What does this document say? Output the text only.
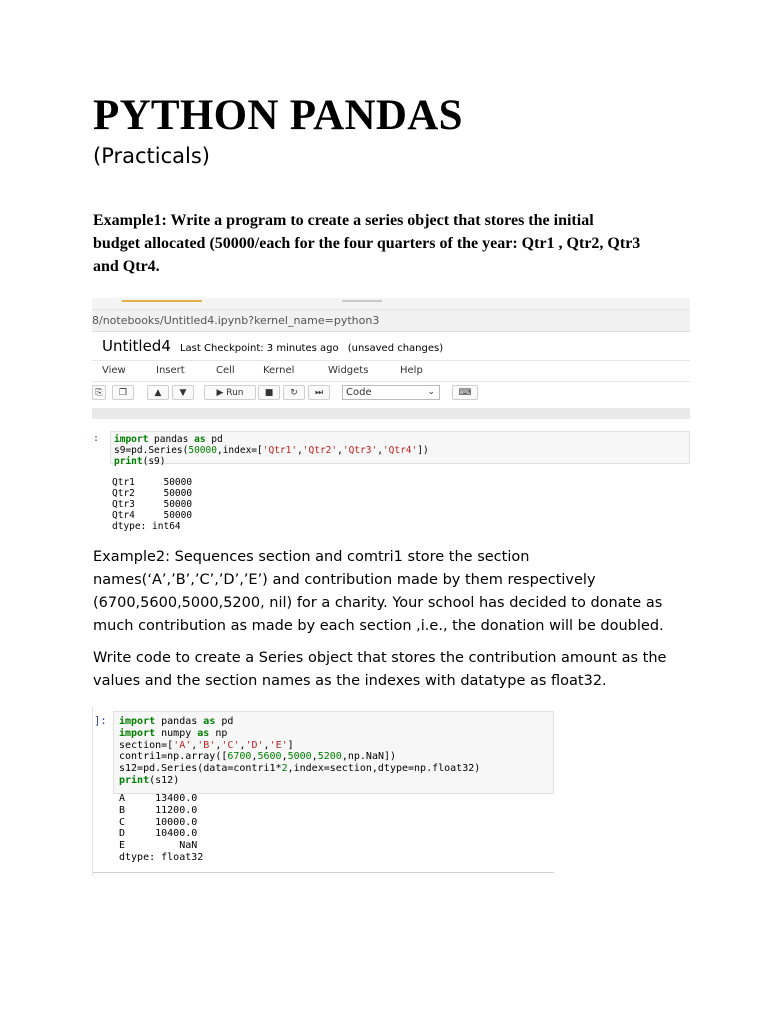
PYTHON PANDAS
(Practicals)

Example1: Write a program to create a series object that stores the initial

budget allocated (50000/each for the four quarters of the year: Qtr1 , Qtr2, Qtr3

and Qtr4.

8/notebooks/Untitled4.ipynb?kernel_name=python3
Untitled4 Last Checkpoint: 3 minutes ago (unsaved changes)
View	Insert	Cell	Kernel	Widgets	Help
⎘	❐	▲	▼	▶ Run	■	↻	⏭	Code	⌄	⌨
: import pandas as pd
s9=pd.Series(50000,index=['Qtr1','Qtr2','Qtr3','Qtr4'])
print(s9)
Qtr1     50000
Qtr2     50000
Qtr3     50000
Qtr4     50000
dtype: int64

Example2: Sequences section and comtri1 store the section

names(‘A’,’B’,’C’,’D’,’E’) and contribution made by them respectively

(6700,5600,5000,5200, nil) for a charity. Your school has decided to donate as

much contribution as made by each section ,i.e., the donation will be doubled.

Write code to create a Series object that stores the contribution amount as the

values and the section names as the indexes with datatype as float32.

]: import pandas as pd
import numpy as np
section=['A','B','C','D','E']
contri1=np.array([6700,5600,5000,5200,np.NaN])
s12=pd.Series(data=contri1*2,index=section,dtype=np.float32)
print(s12)
A     13400.0
B     11200.0
C     10000.0
D     10400.0
E         NaN
dtype: float32
